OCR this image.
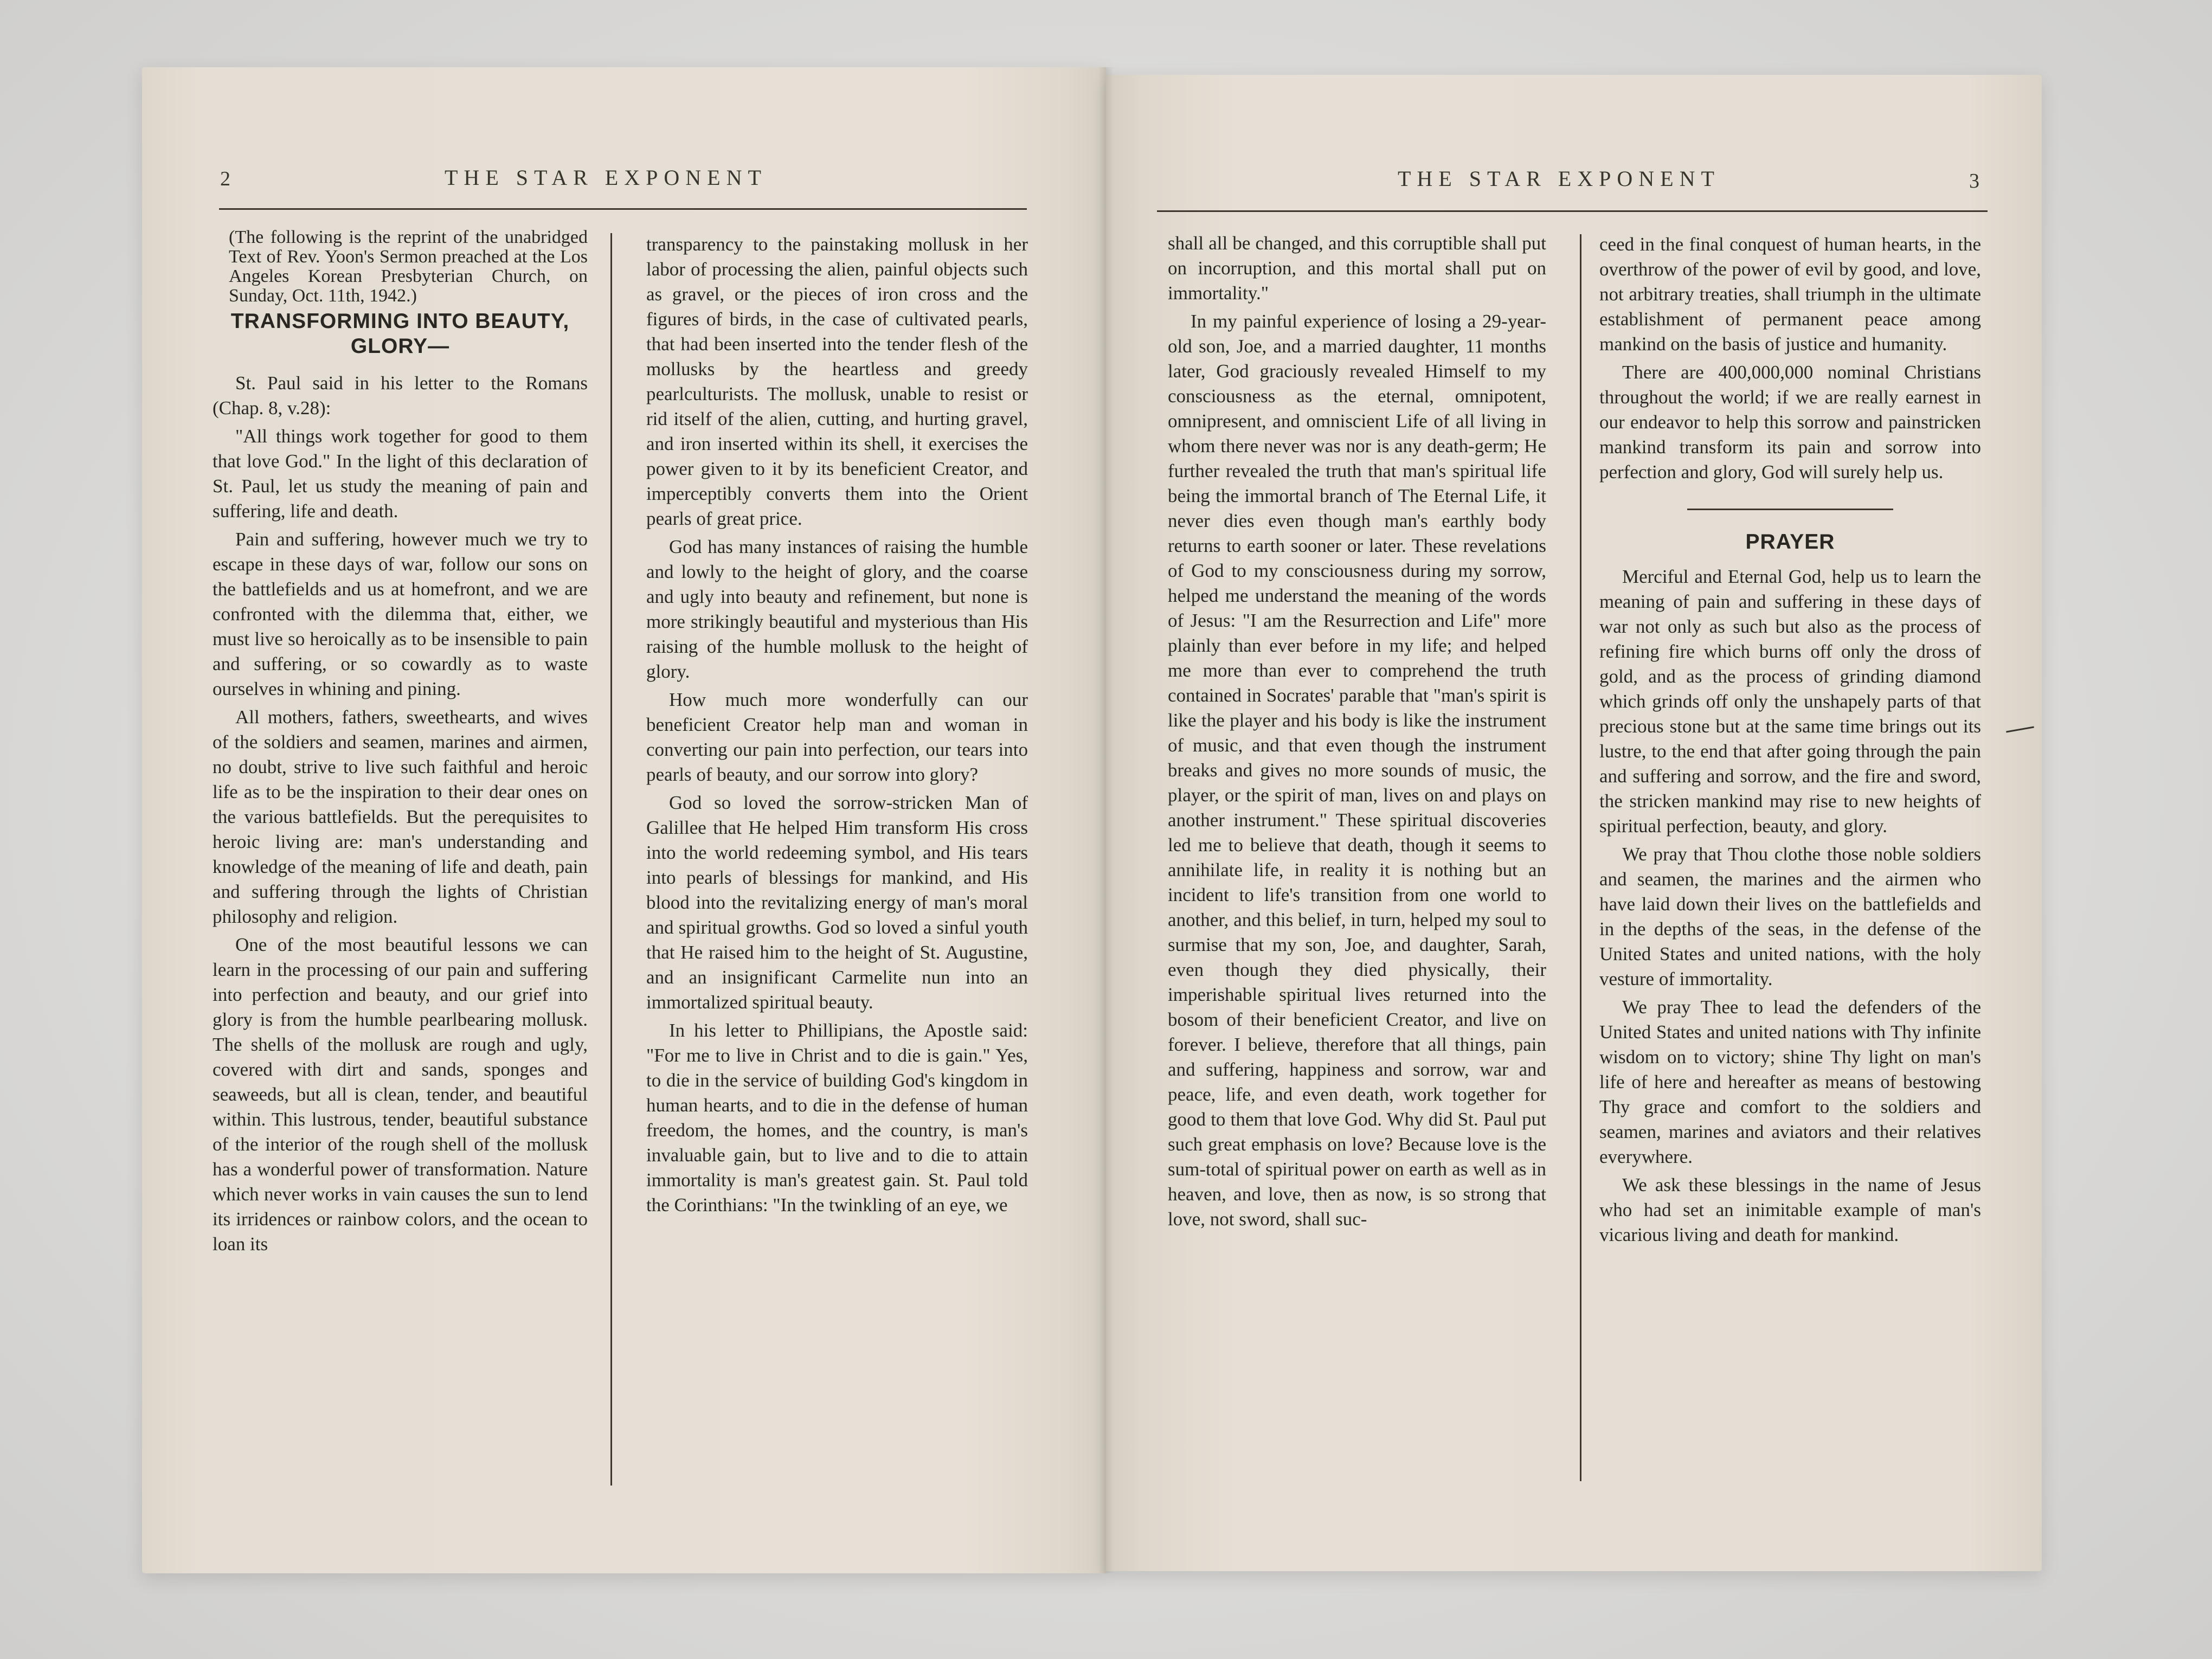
2	THE STAR EXPONENT	THE STAR EXPONENT	3

(The following is the reprint of the unabridged Text of Rev. Yoon's Sermon preached at the Los Angeles Korean Presbyterian Church, on Sunday, Oct. 11th, 1942.)

TRANSFORMING INTO BEAUTY, GLORY—

St. Paul said in his letter to the Romans (Chap. 8, v.28):

"All things work together for good to them that love God." In the light of this declaration of St. Paul, let us study the meaning of pain and suffering, life and death.

Pain and suffering, however much we try to escape in these days of war, follow our sons on the battlefields and us at homefront, and we are confronted with the dilemma that, either, we must live so heroically as to be insensible to pain and suffering, or so cowardly as to waste ourselves in whining and pining.

All mothers, fathers, sweethearts, and wives of the soldiers and seamen, marines and airmen, no doubt, strive to live such faithful and heroic life as to be the inspiration to their dear ones on the various battlefields. But the perequisites to heroic living are: man's understanding and knowledge of the meaning of life and death, pain and suffering through the lights of Christian philosophy and religion.

One of the most beautiful lessons we can learn in the processing of our pain and suffering into perfection and beauty, and our grief into glory is from the humble pearlbearing mollusk. The shells of the mollusk are rough and ugly, covered with dirt and sands, sponges and seaweeds, but all is clean, tender, and beautiful within. This lustrous, tender, beautiful substance of the interior of the rough shell of the mollusk has a wonderful power of transformation. Nature which never works in vain causes the sun to lend its irridences or rainbow colors, and the ocean to loan its

transparency to the painstaking mollusk in her labor of processing the alien, painful objects such as gravel, or the pieces of iron cross and the figures of birds, in the case of cultivated pearls, that had been inserted into the tender flesh of the mollusks by the heartless and greedy pearlculturists. The mollusk, unable to resist or rid itself of the alien, cutting, and hurting gravel, and iron inserted within its shell, it exercises the power given to it by its beneficient Creator, and imperceptibly converts them into the Orient pearls of great price.

God has many instances of raising the humble and lowly to the height of glory, and the coarse and ugly into beauty and refinement, but none is more strikingly beautiful and mysterious than His raising of the humble mollusk to the height of glory.

How much more wonderfully can our beneficient Creator help man and woman in converting our pain into perfection, our tears into pearls of beauty, and our sorrow into glory?

God so loved the sorrow-stricken Man of Galillee that He helped Him transform His cross into the world redeeming symbol, and His tears into pearls of blessings for mankind, and His blood into the revitalizing energy of man's moral and spiritual growths. God so loved a sinful youth that He raised him to the height of St. Augustine, and an insignificant Carmelite nun into an immortalized spiritual beauty.

In his letter to Phillipians, the Apostle said: "For me to live in Christ and to die is gain." Yes, to die in the service of building God's kingdom in human hearts, and to die in the defense of human freedom, the homes, and the country, is man's invaluable gain, but to live and to die to attain immortality is man's greatest gain. St. Paul told the Corinthians: "In the twinkling of an eye, we

shall all be changed, and this corruptible shall put on incorruption, and this mortal shall put on immortality."

In my painful experience of losing a 29-year-old son, Joe, and a married daughter, 11 months later, God graciously revealed Himself to my consciousness as the eternal, omnipotent, omnipresent, and omniscient Life of all living in whom there never was nor is any death-germ; He further revealed the truth that man's spiritual life being the immortal branch of The Eternal Life, it never dies even though man's earthly body returns to earth sooner or later. These revelations of God to my consciousness during my sorrow, helped me understand the meaning of the words of Jesus: "I am the Resurrection and Life" more plainly than ever before in my life; and helped me more than ever to comprehend the truth contained in Socrates' parable that "man's spirit is like the player and his body is like the instrument of music, and that even though the instrument breaks and gives no more sounds of music, the player, or the spirit of man, lives on and plays on another instrument." These spiritual discoveries led me to believe that death, though it seems to annihilate life, in reality it is nothing but an incident to life's transition from one world to another, and this belief, in turn, helped my soul to surmise that my son, Joe, and daughter, Sarah, even though they died physically, their imperishable spiritual lives returned into the bosom of their beneficient Creator, and live on forever. I believe, therefore that all things, pain and suffering, happiness and sorrow, war and peace, life, and even death, work together for good to them that love God. Why did St. Paul put such great emphasis on love? Because love is the sum-total of spiritual power on earth as well as in heaven, and love, then as now, is so strong that love, not sword, shall suc-

ceed in the final conquest of human hearts, in the overthrow of the power of evil by good, and love, not arbitrary treaties, shall triumph in the ultimate establishment of permanent peace among mankind on the basis of justice and humanity.

There are 400,000,000 nominal Christians throughout the world; if we are really earnest in our endeavor to help this sorrow and painstricken mankind transform its pain and sorrow into perfection and glory, God will surely help us.

PRAYER

Merciful and Eternal God, help us to learn the meaning of pain and suffering in these days of war not only as such but also as the process of refining fire which burns off only the dross of gold, and as the process of grinding diamond which grinds off only the unshapely parts of that precious stone but at the same time brings out its lustre, to the end that after going through the pain and suffering and sorrow, and the fire and sword, the stricken mankind may rise to new heights of spiritual perfection, beauty, and glory.

We pray that Thou clothe those noble soldiers and seamen, the marines and the airmen who have laid down their lives on the battlefields and in the depths of the seas, in the defense of the United States and united nations, with the holy vesture of immortality.

We pray Thee to lead the defenders of the United States and united nations with Thy infinite wisdom on to victory; shine Thy light on man's life of here and hereafter as means of bestowing Thy grace and comfort to the soldiers and seamen, marines and aviators and their relatives everywhere.

We ask these blessings in the name of Jesus who had set an inimitable example of man's vicarious living and death for mankind.
